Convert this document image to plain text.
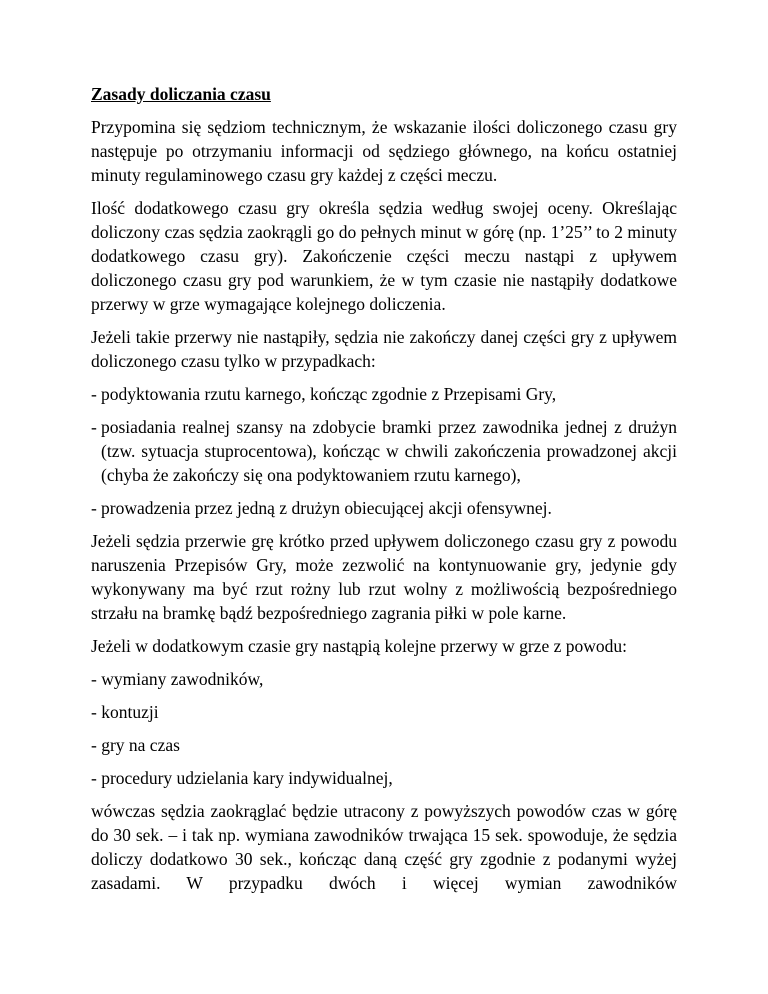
Zasady doliczania czasu
Przypomina się sędziom technicznym, że wskazanie ilości doliczonego czasu gry następuje po otrzymaniu informacji od sędziego głównego, na końcu ostatniej minuty regulaminowego czasu gry każdej z części meczu.
Ilość dodatkowego czasu gry określa sędzia według swojej oceny. Określając doliczony czas sędzia zaokrągli go do pełnych minut w górę (np. 1’25’’ to 2 minuty dodatkowego czasu gry). Zakończenie części meczu nastąpi z upływem doliczonego czasu gry pod warunkiem, że w tym czasie nie nastąpiły dodatkowe przerwy w grze wymagające kolejnego doliczenia.
Jeżeli takie przerwy nie nastąpiły, sędzia nie zakończy danej części gry z upływem doliczonego czasu tylko w przypadkach:
- podyktowania rzutu karnego, kończąc zgodnie z Przepisami Gry,
- posiadania realnej szansy na zdobycie bramki przez zawodnika jednej z drużyn (tzw. sytuacja stuprocentowa), kończąc w chwili zakończenia prowadzonej akcji (chyba że zakończy się ona podyktowaniem rzutu karnego),
- prowadzenia przez jedną z drużyn obiecującej akcji ofensywnej.
Jeżeli sędzia przerwie grę krótko przed upływem doliczonego czasu gry z powodu naruszenia Przepisów Gry, może zezwolić na kontynuowanie gry, jedynie gdy wykonywany ma być rzut rożny lub rzut wolny z możliwością bezpośredniego strzału na bramkę bądź bezpośredniego zagrania piłki w pole karne.
Jeżeli w dodatkowym czasie gry nastąpią kolejne przerwy w grze z powodu:
- wymiany zawodników,
- kontuzji
- gry na czas
- procedury udzielania kary indywidualnej,
wówczas sędzia zaokrąglać będzie utracony z powyższych powodów czas w górę do 30 sek. – i tak np. wymiana zawodników trwająca 15 sek. spowoduje, że sędzia doliczy dodatkowo 30 sek., kończąc daną część gry zgodnie z podanymi wyżej zasadami. W przypadku dwóch i więcej wymian zawodników
